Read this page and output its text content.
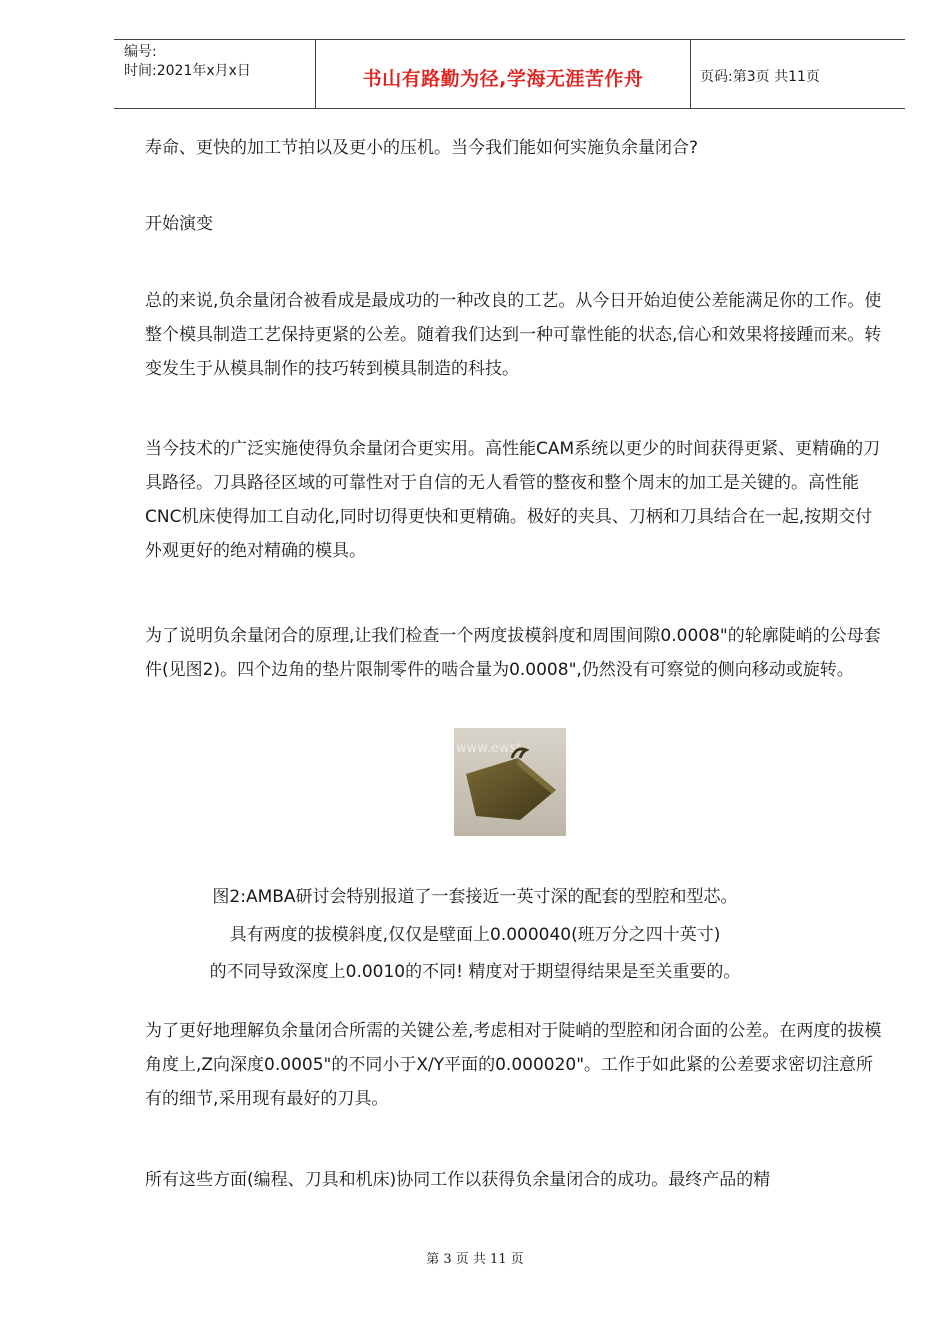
编号:
时间:2021年x月x日	书山有路勤为径,学海无涯苦作舟	页码:第3页 共11页

寿命、更快的加工节拍以及更小的压机。当今我们能如何实施负余量闭合?

开始演变

总的来说,负余量闭合被看成是最成功的一种改良的工艺。从今日开始迫使公差能满足你的工作。使整个模具制造工艺保持更紧的公差。随着我们达到一种可靠性能的状态,信心和效果将接踵而来。转变发生于从模具制作的技巧转到模具制造的科技。

当今技术的广泛实施使得负余量闭合更实用。高性能CAM系统以更少的时间获得更紧、更精确的刀具路径。刀具路径区域的可靠性对于自信的无人看管的整夜和整个周末的加工是关键的。高性能CNC机床使得加工自动化,同时切得更快和更精确。极好的夹具、刀柄和刀具结合在一起,按期交付外观更好的绝对精确的模具。

为了说明负余量闭合的原理,让我们检查一个两度拔模斜度和周围间隙0.0008"的轮廓陡峭的公母套件(见图2)。四个边角的垫片限制零件的啮合量为0.0008",仍然没有可察觉的侧向移动或旋转。

www.ewst

图2:AMBA研讨会特别报道了一套接近一英寸深的配套的型腔和型芯。

具有两度的拔模斜度,仅仅是壁面上0.000040(班万分之四十英寸)

的不同导致深度上0.0010的不同! 精度对于期望得结果是至关重要的。

为了更好地理解负余量闭合所需的关键公差,考虑相对于陡峭的型腔和闭合面的公差。在两度的拔模角度上,Z向深度0.0005"的不同小于X/Y平面的0.000020"。工作于如此紧的公差要求密切注意所有的细节,采用现有最好的刀具。

所有这些方面(编程、刀具和机床)协同工作以获得负余量闭合的成功。最终产品的精

第 3 页 共 11 页
